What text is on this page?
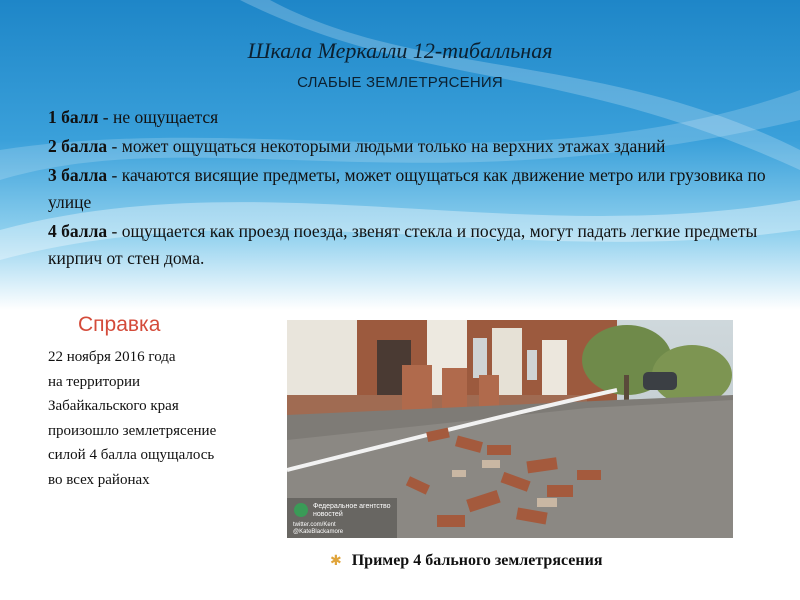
Шкала Меркалли 12-тибалльная
СЛАБЫЕ ЗЕМЛЕТРЯСЕНИЯ
1 балл - не ощущается
2 балла - может ощущаться некоторыми людьми только на верхних этажах зданий
3 балла - качаются висящие предметы, может ощущаться как движение метро или грузовика по улице
4 балла - ощущается как проезд поезда, звенят стекла и посуда, могут падать легкие предметы кирпич от стен дома.
Справка
22 ноября 2016 года
на территории
Забайкальского края
произошло землетрясение
силой 4 балла ощущалось
во всех районах
Федеральное агентство
новостей
twitter.com/Kent
@KateBlackamore
✱ Пример 4 бального землетрясения
